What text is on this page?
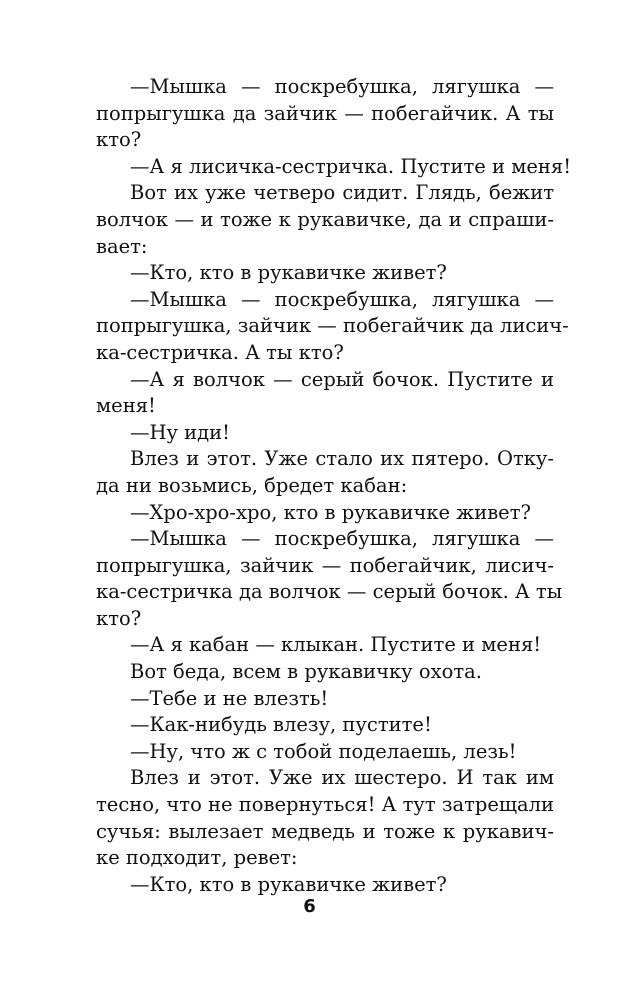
—Мышка — поскребушка, лягушка —
попрыгушка да зайчик — побегайчик. А ты
кто?
—А я лисичка-сестричка. Пустите и меня!
Вот их уже четверо сидит. Глядь, бежит
волчок — и тоже к рукавичке, да и спраши-
вает:
—Кто, кто в рукавичке живет?
—Мышка — поскребушка, лягушка —
попрыгушка, зайчик — побегайчик да лисич-
ка-сестричка. А ты кто?
—А я волчок — серый бочок. Пустите и
меня!
—Ну иди!
Влез и этот. Уже стало их пятеро. Отку-
да ни возьмись, бредет кабан:
—Хро-хро-хро, кто в рукавичке живет?
—Мышка — поскребушка, лягушка —
попрыгушка, зайчик — побегайчик, лисич-
ка-сестричка да волчок — серый бочок. А ты
кто?
—А я кабан — клыкан. Пустите и меня!
Вот беда, всем в рукавичку охота.
—Тебе и не влезть!
—Как-нибудь влезу, пустите!
—Ну, что ж с тобой поделаешь, лезь!
Влез и этот. Уже их шестеро. И так им
тесно, что не повернуться! А тут затрещали
сучья: вылезает медведь и тоже к рукавич-
ке подходит, ревет:
—Кто, кто в рукавичке живет?
6
